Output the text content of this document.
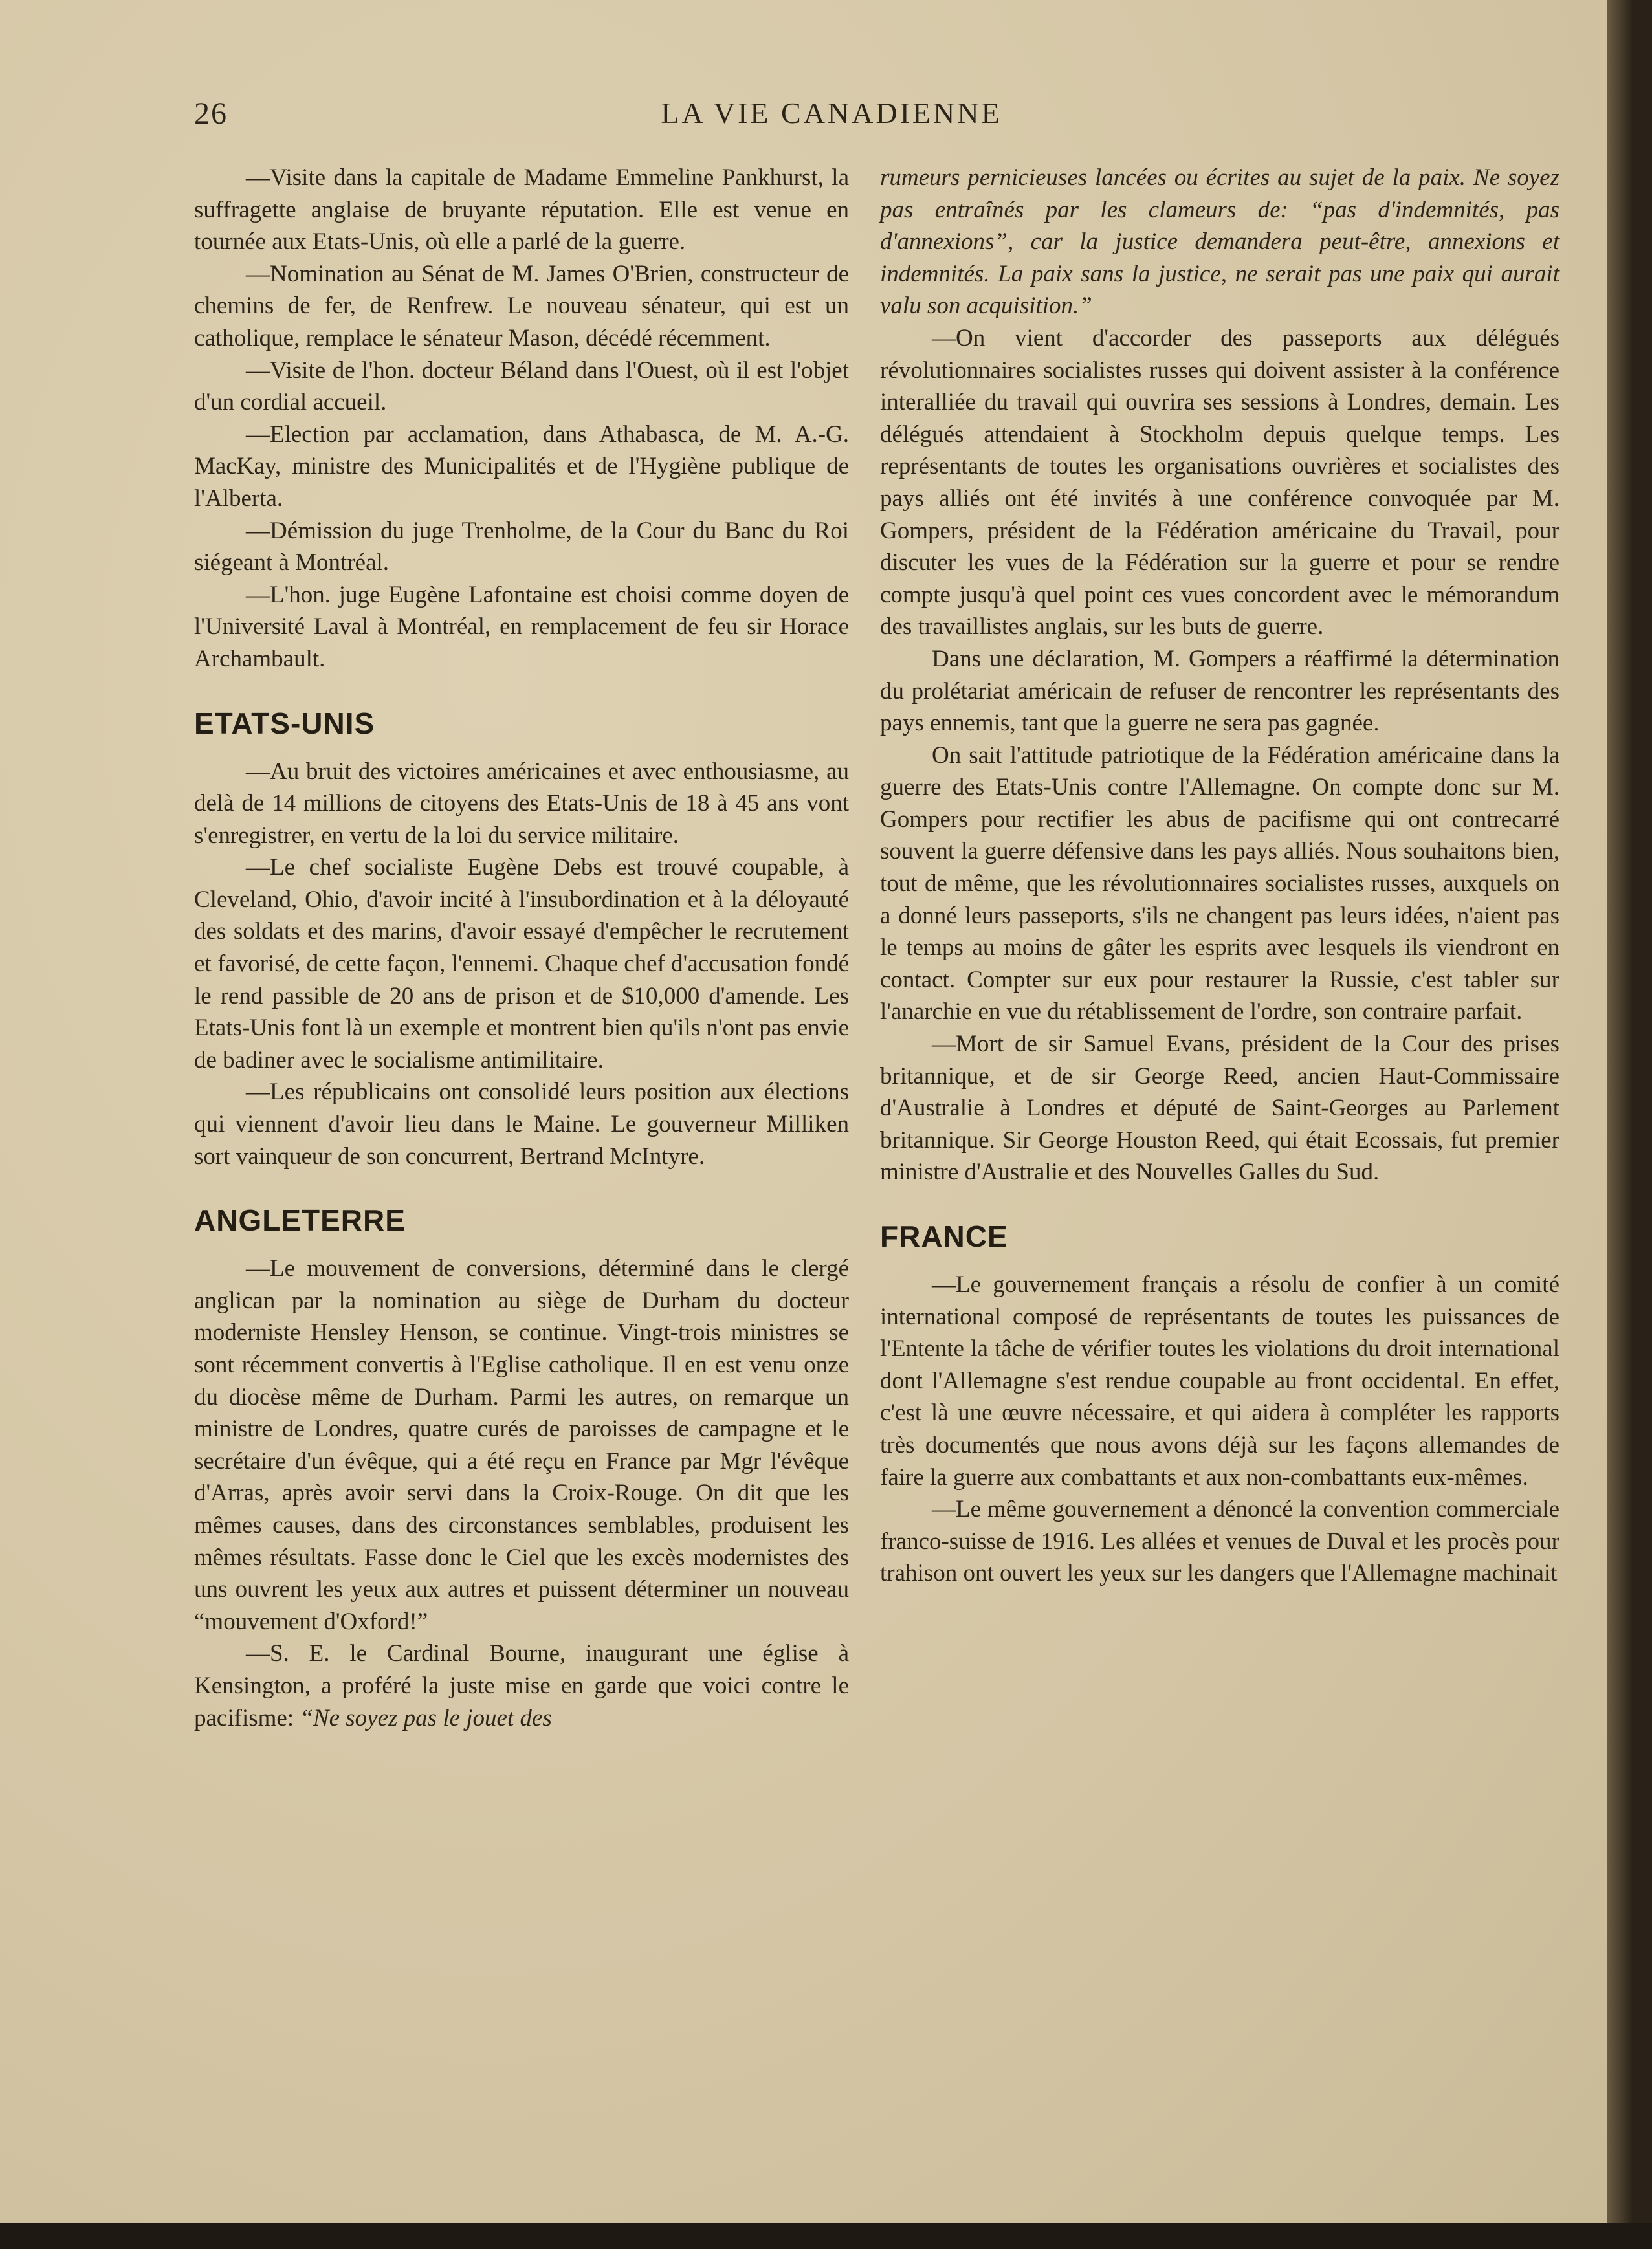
26	LA VIE CANADIENNE

—Visite dans la capitale de Madame Emmeline Pankhurst, la suffragette anglaise de bruyante réputation. Elle est venue en tournée aux Etats-Unis, où elle a parlé de la guerre.

—Nomination au Sénat de M. James O'Brien, constructeur de chemins de fer, de Renfrew. Le nouveau sénateur, qui est un catholique, remplace le sénateur Mason, décédé récemment.

—Visite de l'hon. docteur Béland dans l'Ouest, où il est l'objet d'un cordial accueil.

—Election par acclamation, dans Athabasca, de M. A.-G. MacKay, ministre des Municipalités et de l'Hygiène publique de l'Alberta.

—Démission du juge Trenholme, de la Cour du Banc du Roi siégeant à Montréal.

—L'hon. juge Eugène Lafontaine est choisi comme doyen de l'Université Laval à Montréal, en remplacement de feu sir Horace Archambault.

ETATS-UNIS

—Au bruit des victoires américaines et avec enthousiasme, au delà de 14 millions de citoyens des Etats-Unis de 18 à 45 ans vont s'enregistrer, en vertu de la loi du service militaire.

—Le chef socialiste Eugène Debs est trouvé coupable, à Cleveland, Ohio, d'avoir incité à l'insubordination et à la déloyauté des soldats et des marins, d'avoir essayé d'empêcher le recrutement et favorisé, de cette façon, l'ennemi. Chaque chef d'accusation fondé le rend passible de 20 ans de prison et de $10,000 d'amende. Les Etats-Unis font là un exemple et montrent bien qu'ils n'ont pas envie de badiner avec le socialisme antimilitaire.

—Les républicains ont consolidé leurs position aux élections qui viennent d'avoir lieu dans le Maine. Le gouverneur Milliken sort vainqueur de son concurrent, Bertrand McIntyre.

ANGLETERRE

—Le mouvement de conversions, déterminé dans le clergé anglican par la nomination au siège de Durham du docteur moderniste Hensley Henson, se continue. Vingt-trois ministres se sont récemment convertis à l'Eglise catholique. Il en est venu onze du diocèse même de Durham. Parmi les autres, on remarque un ministre de Londres, quatre curés de paroisses de campagne et le secrétaire d'un évêque, qui a été reçu en France par Mgr l'évêque d'Arras, après avoir servi dans la Croix-Rouge. On dit que les mêmes causes, dans des circonstances semblables, produisent les mêmes résultats. Fasse donc le Ciel que les excès modernistes des uns ouvrent les yeux aux autres et puissent déterminer un nouveau “mouvement d'Oxford!”

—S. E. le Cardinal Bourne, inaugurant une église à Kensington, a proféré la juste mise en garde que voici contre le pacifisme: “Ne soyez pas le jouet des

rumeurs pernicieuses lancées ou écrites au sujet de la paix. Ne soyez pas entraînés par les clameurs de: “pas d'indemnités, pas d'annexions”, car la justice demandera peut-être, annexions et indemnités. La paix sans la justice, ne serait pas une paix qui aurait valu son acquisition.”

—On vient d'accorder des passeports aux délégués révolutionnaires socialistes russes qui doivent assister à la conférence interalliée du travail qui ouvrira ses sessions à Londres, demain. Les délégués attendaient à Stockholm depuis quelque temps. Les représentants de toutes les organisations ouvrières et socialistes des pays alliés ont été invités à une conférence convoquée par M. Gompers, président de la Fédération américaine du Travail, pour discuter les vues de la Fédération sur la guerre et pour se rendre compte jusqu'à quel point ces vues concordent avec le mémorandum des travaillistes anglais, sur les buts de guerre.

Dans une déclaration, M. Gompers a réaffirmé la détermination du prolétariat américain de refuser de rencontrer les représentants des pays ennemis, tant que la guerre ne sera pas gagnée.

On sait l'attitude patriotique de la Fédération américaine dans la guerre des Etats-Unis contre l'Allemagne. On compte donc sur M. Gompers pour rectifier les abus de pacifisme qui ont contrecarré souvent la guerre défensive dans les pays alliés. Nous souhaitons bien, tout de même, que les révolutionnaires socialistes russes, auxquels on a donné leurs passeports, s'ils ne changent pas leurs idées, n'aient pas le temps au moins de gâter les esprits avec lesquels ils viendront en contact. Compter sur eux pour restaurer la Russie, c'est tabler sur l'anarchie en vue du rétablissement de l'ordre, son contraire parfait.

—Mort de sir Samuel Evans, président de la Cour des prises britannique, et de sir George Reed, ancien Haut-Commissaire d'Australie à Londres et député de Saint-Georges au Parlement britannique. Sir George Houston Reed, qui était Ecossais, fut premier ministre d'Australie et des Nouvelles Galles du Sud.

FRANCE

—Le gouvernement français a résolu de confier à un comité international composé de représentants de toutes les puissances de l'Entente la tâche de vérifier toutes les violations du droit international dont l'Allemagne s'est rendue coupable au front occidental. En effet, c'est là une œuvre nécessaire, et qui aidera à compléter les rapports très documentés que nous avons déjà sur les façons allemandes de faire la guerre aux combattants et aux non-combattants eux-mêmes.

—Le même gouvernement a dénoncé la convention commerciale franco-suisse de 1916. Les allées et venues de Duval et les procès pour trahison ont ouvert les yeux sur les dangers que l'Allemagne machinait
